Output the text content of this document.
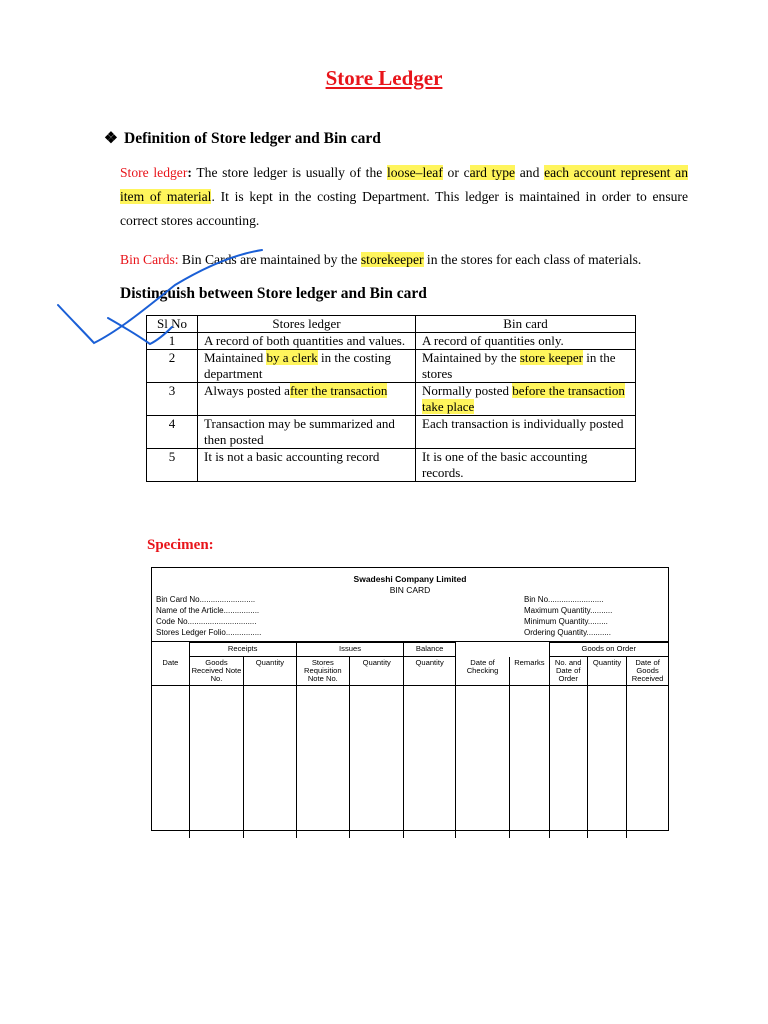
Store Ledger
❖ Definition of Store ledger and Bin card
Store ledger: The store ledger is usually of the loose–leaf or card type and each account represent an item of material. It is kept in the costing Department. This ledger is maintained in order to ensure correct stores accounting.
Bin Cards: Bin Cards are maintained by the storekeeper in the stores for each class of materials.
Distinguish between Store ledger and Bin card
Sl No	Stores ledger	Bin card
1	A record of both quantities and values.	A record of quantities only.
2	Maintained by a clerk in the costing department	Maintained by the store keeper in the stores
3	Always posted after the transaction	Normally posted before the transaction take place
4	Transaction may be summarized and then posted	Each transaction is individually posted
5	It is not a basic accounting record	It is one of the basic accounting records.
Specimen:
Swadeshi Company Limited
BIN CARD
Bin Card No.........................
Name of the Article................
Code No...............................
Stores Ledger Folio................
Bin No.........................
Maximum Quantity..........
Minimum Quantity.........
Ordering Quantity...........
	Receipts		Issues		Balance			Goods on Order		
Date	Goods Received Note No.	Quantity	Stores Requisition Note No.	Quantity	Quantity	Date of Checking	Remarks	No. and Date of Order	Quantity	Date of Goods Received
